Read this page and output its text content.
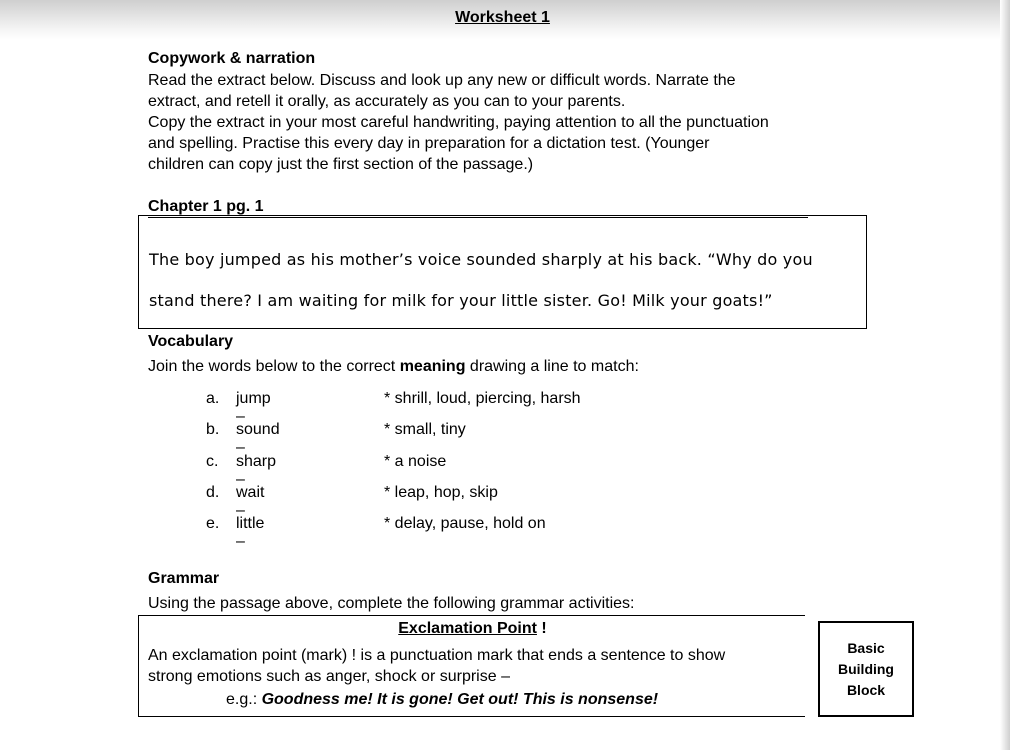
Worksheet 1
Copywork & narration
Read the extract below. Discuss and look up any new or difficult words. Narrate the
extract, and retell it orally, as accurately as you can to your parents.
Copy the extract in your most careful handwriting, paying attention to all the punctuation
and spelling. Practise this every day in preparation for a dictation test. (Younger
children can copy just the first section of the passage.)
Chapter 1 pg. 1
The boy jumped as his mother’s voice sounded sharply at his back. “Why do you
stand there? I am waiting for milk for your little sister. Go! Milk your goats!”
Vocabulary
Join the words below to the correct meaning drawing a line to match:
a. jump –
* shrill, loud, piercing, harsh
b. sound –
* small, tiny
c. sharp –
* a noise
d. wait –
* leap, hop, skip
e. little –
* delay, pause, hold on
Grammar
Using the passage above, complete the following grammar activities:
Exclamation Point !
An exclamation point (mark) ! is a punctuation mark that ends a sentence to show
strong emotions such as anger, shock or surprise –
e.g.: Goodness me! It is gone! Get out! This is nonsense!
Basic
Building
Block
